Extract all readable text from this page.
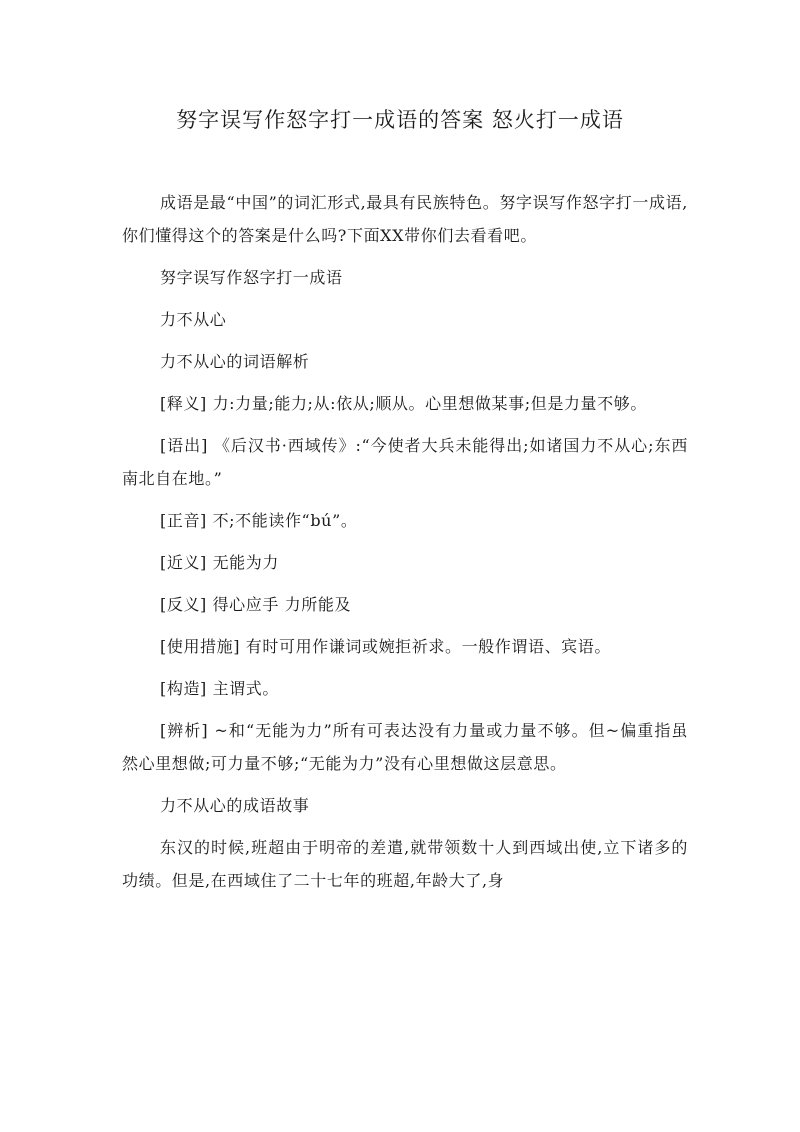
努字误写作怒字打一成语的答案 怒火打一成语

成语是最“中国”的词汇形式,最具有民族特色。努字误写作怒字打一成语,你们懂得这个的答案是什么吗?下面XX带你们去看看吧。

努字误写作怒字打一成语

力不从心

力不从心的词语解析

[释义] 力:力量;能力;从:依从;顺从。心里想做某事;但是力量不够。

[语出] 《后汉书·西域传》:“今使者大兵未能得出;如诸国力不从心;东西南北自在地。”

[正音] 不;不能读作“bú”。

[近义] 无能为力

[反义] 得心应手 力所能及

[使用措施] 有时可用作谦词或婉拒祈求。一般作谓语、宾语。

[构造] 主谓式。

[辨析] ~和“无能为力”所有可表达没有力量或力量不够。但~偏重指虽然心里想做;可力量不够;“无能为力”没有心里想做这层意思。

力不从心的成语故事

东汉的时候,班超由于明帝的差遣,就带领数十人到西域出使,立下诸多的功绩。但是,在西域住了二十七年的班超,年龄大了,身
